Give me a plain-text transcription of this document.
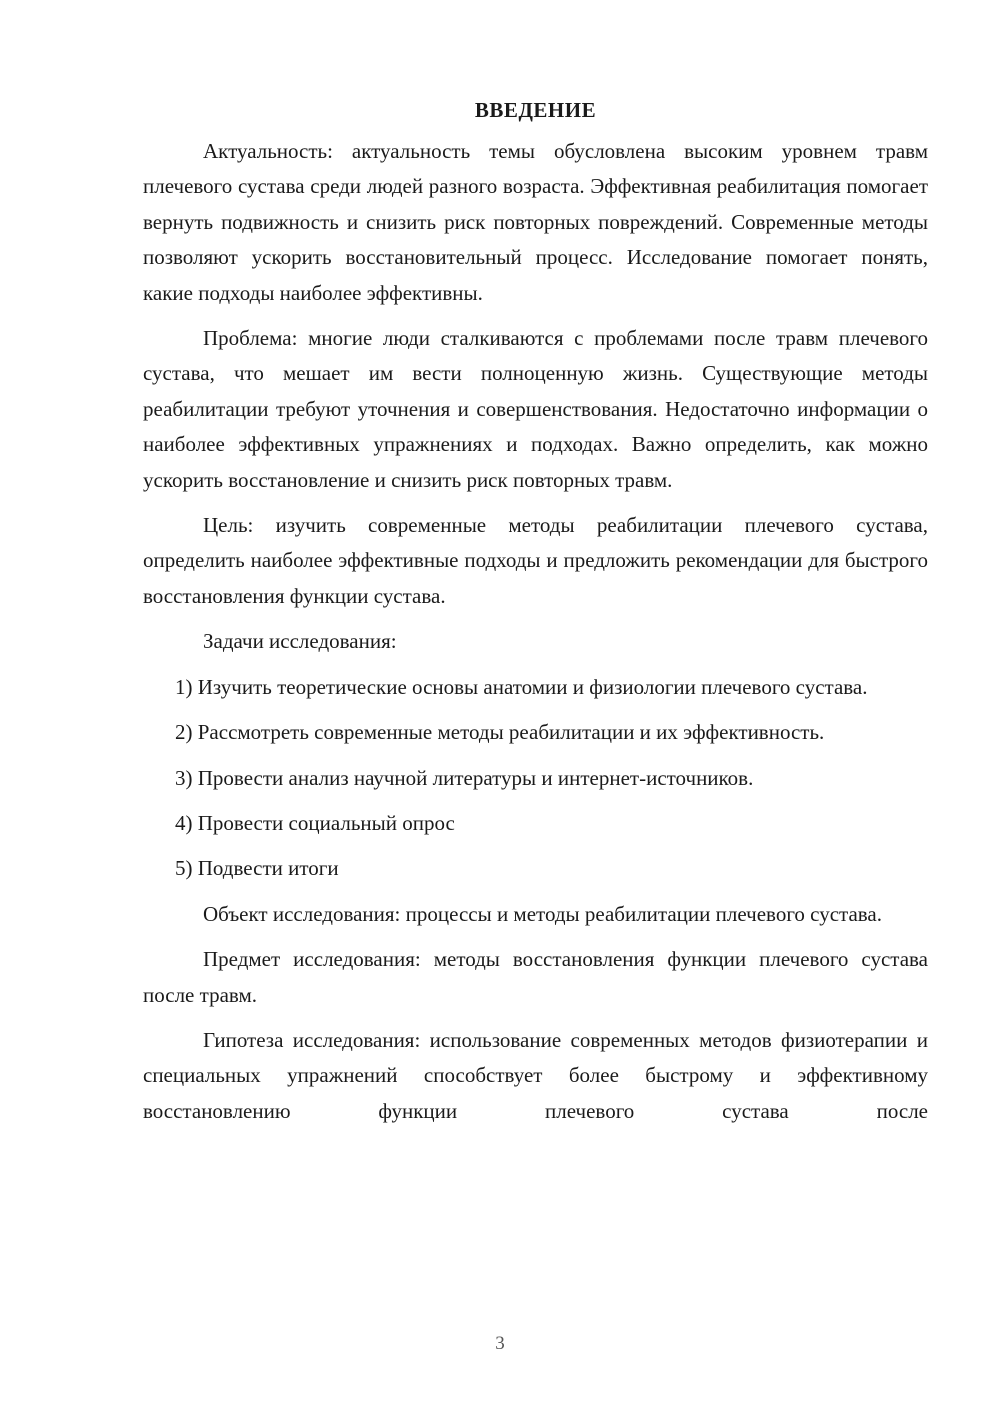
ВВЕДЕНИЕ

Актуальность: актуальность темы обусловлена высоким уровнем травм плечевого сустава среди людей разного возраста. Эффективная реабилитация помогает вернуть подвижность и снизить риск повторных повреждений. Современные методы позволяют ускорить восстановительный процесс. Исследование помогает понять, какие подходы наиболее эффективны.

Проблема: многие люди сталкиваются с проблемами после травм плечевого сустава, что мешает им вести полноценную жизнь. Существующие методы реабилитации требуют уточнения и совершенствования. Недостаточно информации о наиболее эффективных упражнениях и подходах. Важно определить, как можно ускорить восстановление и снизить риск повторных травм.

Цель: изучить современные методы реабилитации плечевого сустава, определить наиболее эффективные подходы и предложить рекомендации для быстрого восстановления функции сустава.

Задачи исследования:

1) Изучить теоретические основы анатомии и физиологии плечевого сустава.

2) Рассмотреть современные методы реабилитации и их эффективность.

3) Провести анализ научной литературы и интернет-источников.

4) Провести социальный опрос

5) Подвести итоги

Объект исследования: процессы и методы реабилитации плечевого сустава.

Предмет исследования: методы восстановления функции плечевого сустава после травм.

Гипотеза исследования: использование современных методов физиотерапии и специальных упражнений способствует более быстрому и эффективному восстановлению функции плечевого сустава после

3
